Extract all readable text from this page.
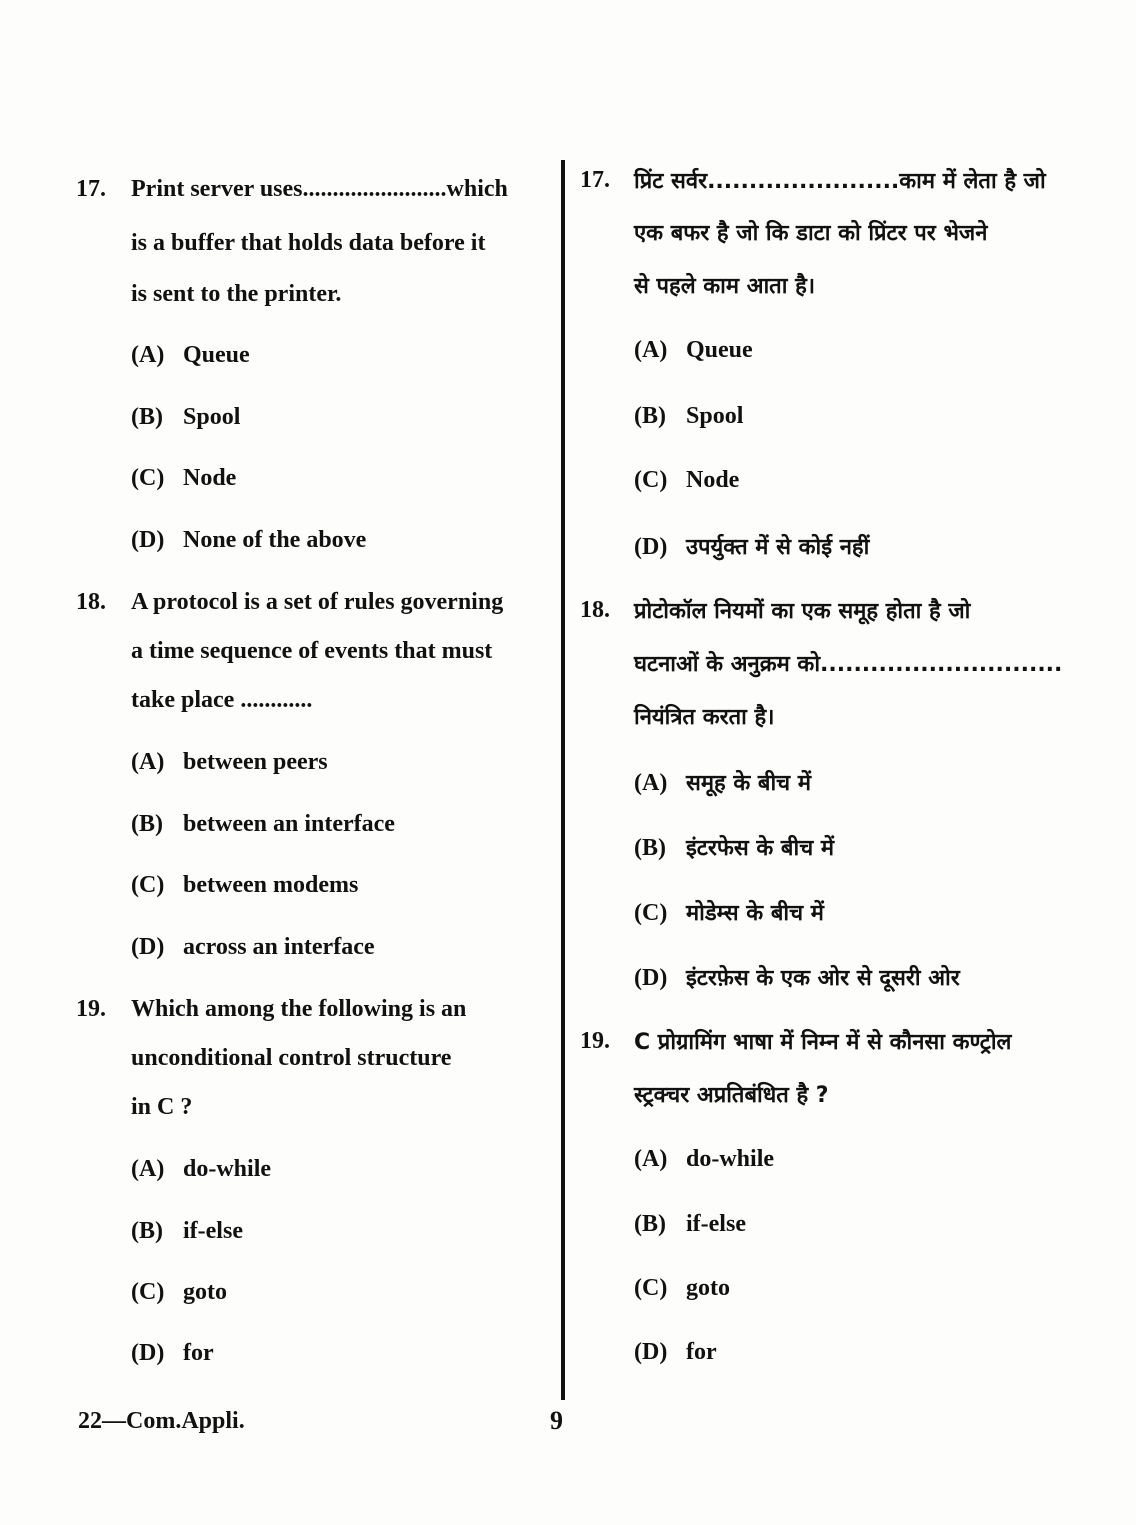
17. Print server uses........................which
is a buffer that holds data before it
is sent to the printer.
(A) Queue
(B) Spool
(C) Node
(D) None of the above
18. A protocol is a set of rules governing
a time sequence of events that must
take place ............
(A) between peers
(B) between an interface
(C) between modems
(D) across an interface
19. Which among the following is an
unconditional control structure
in C ?
(A) do-while
(B) if-else
(C) goto
(D) for
17. प्रिंट सर्वर.......................काम में लेता है जो
एक बफर है जो कि डाटा को प्रिंटर पर भेजने
से पहले काम आता है।
(A) Queue
(B) Spool
(C) Node
(D) उपर्युक्त में से कोई नहीं
18. प्रोटोकॉल नियमों का एक समूह होता है जो
घटनाओं के अनुक्रम को.............................
नियंत्रित करता है।
(A) समूह के बीच में
(B) इंटरफेस के बीच में
(C) मोडेम्स के बीच में
(D) इंटरफ़ेस के एक ओर से दूसरी ओर
19. C प्रोग्रामिंग भाषा में निम्न में से कौनसा कण्ट्रोल
स्ट्रक्चर अप्रतिबंधित है ?
(A) do-while
(B) if-else
(C) goto
(D) for
22—Com.Appli.	9
